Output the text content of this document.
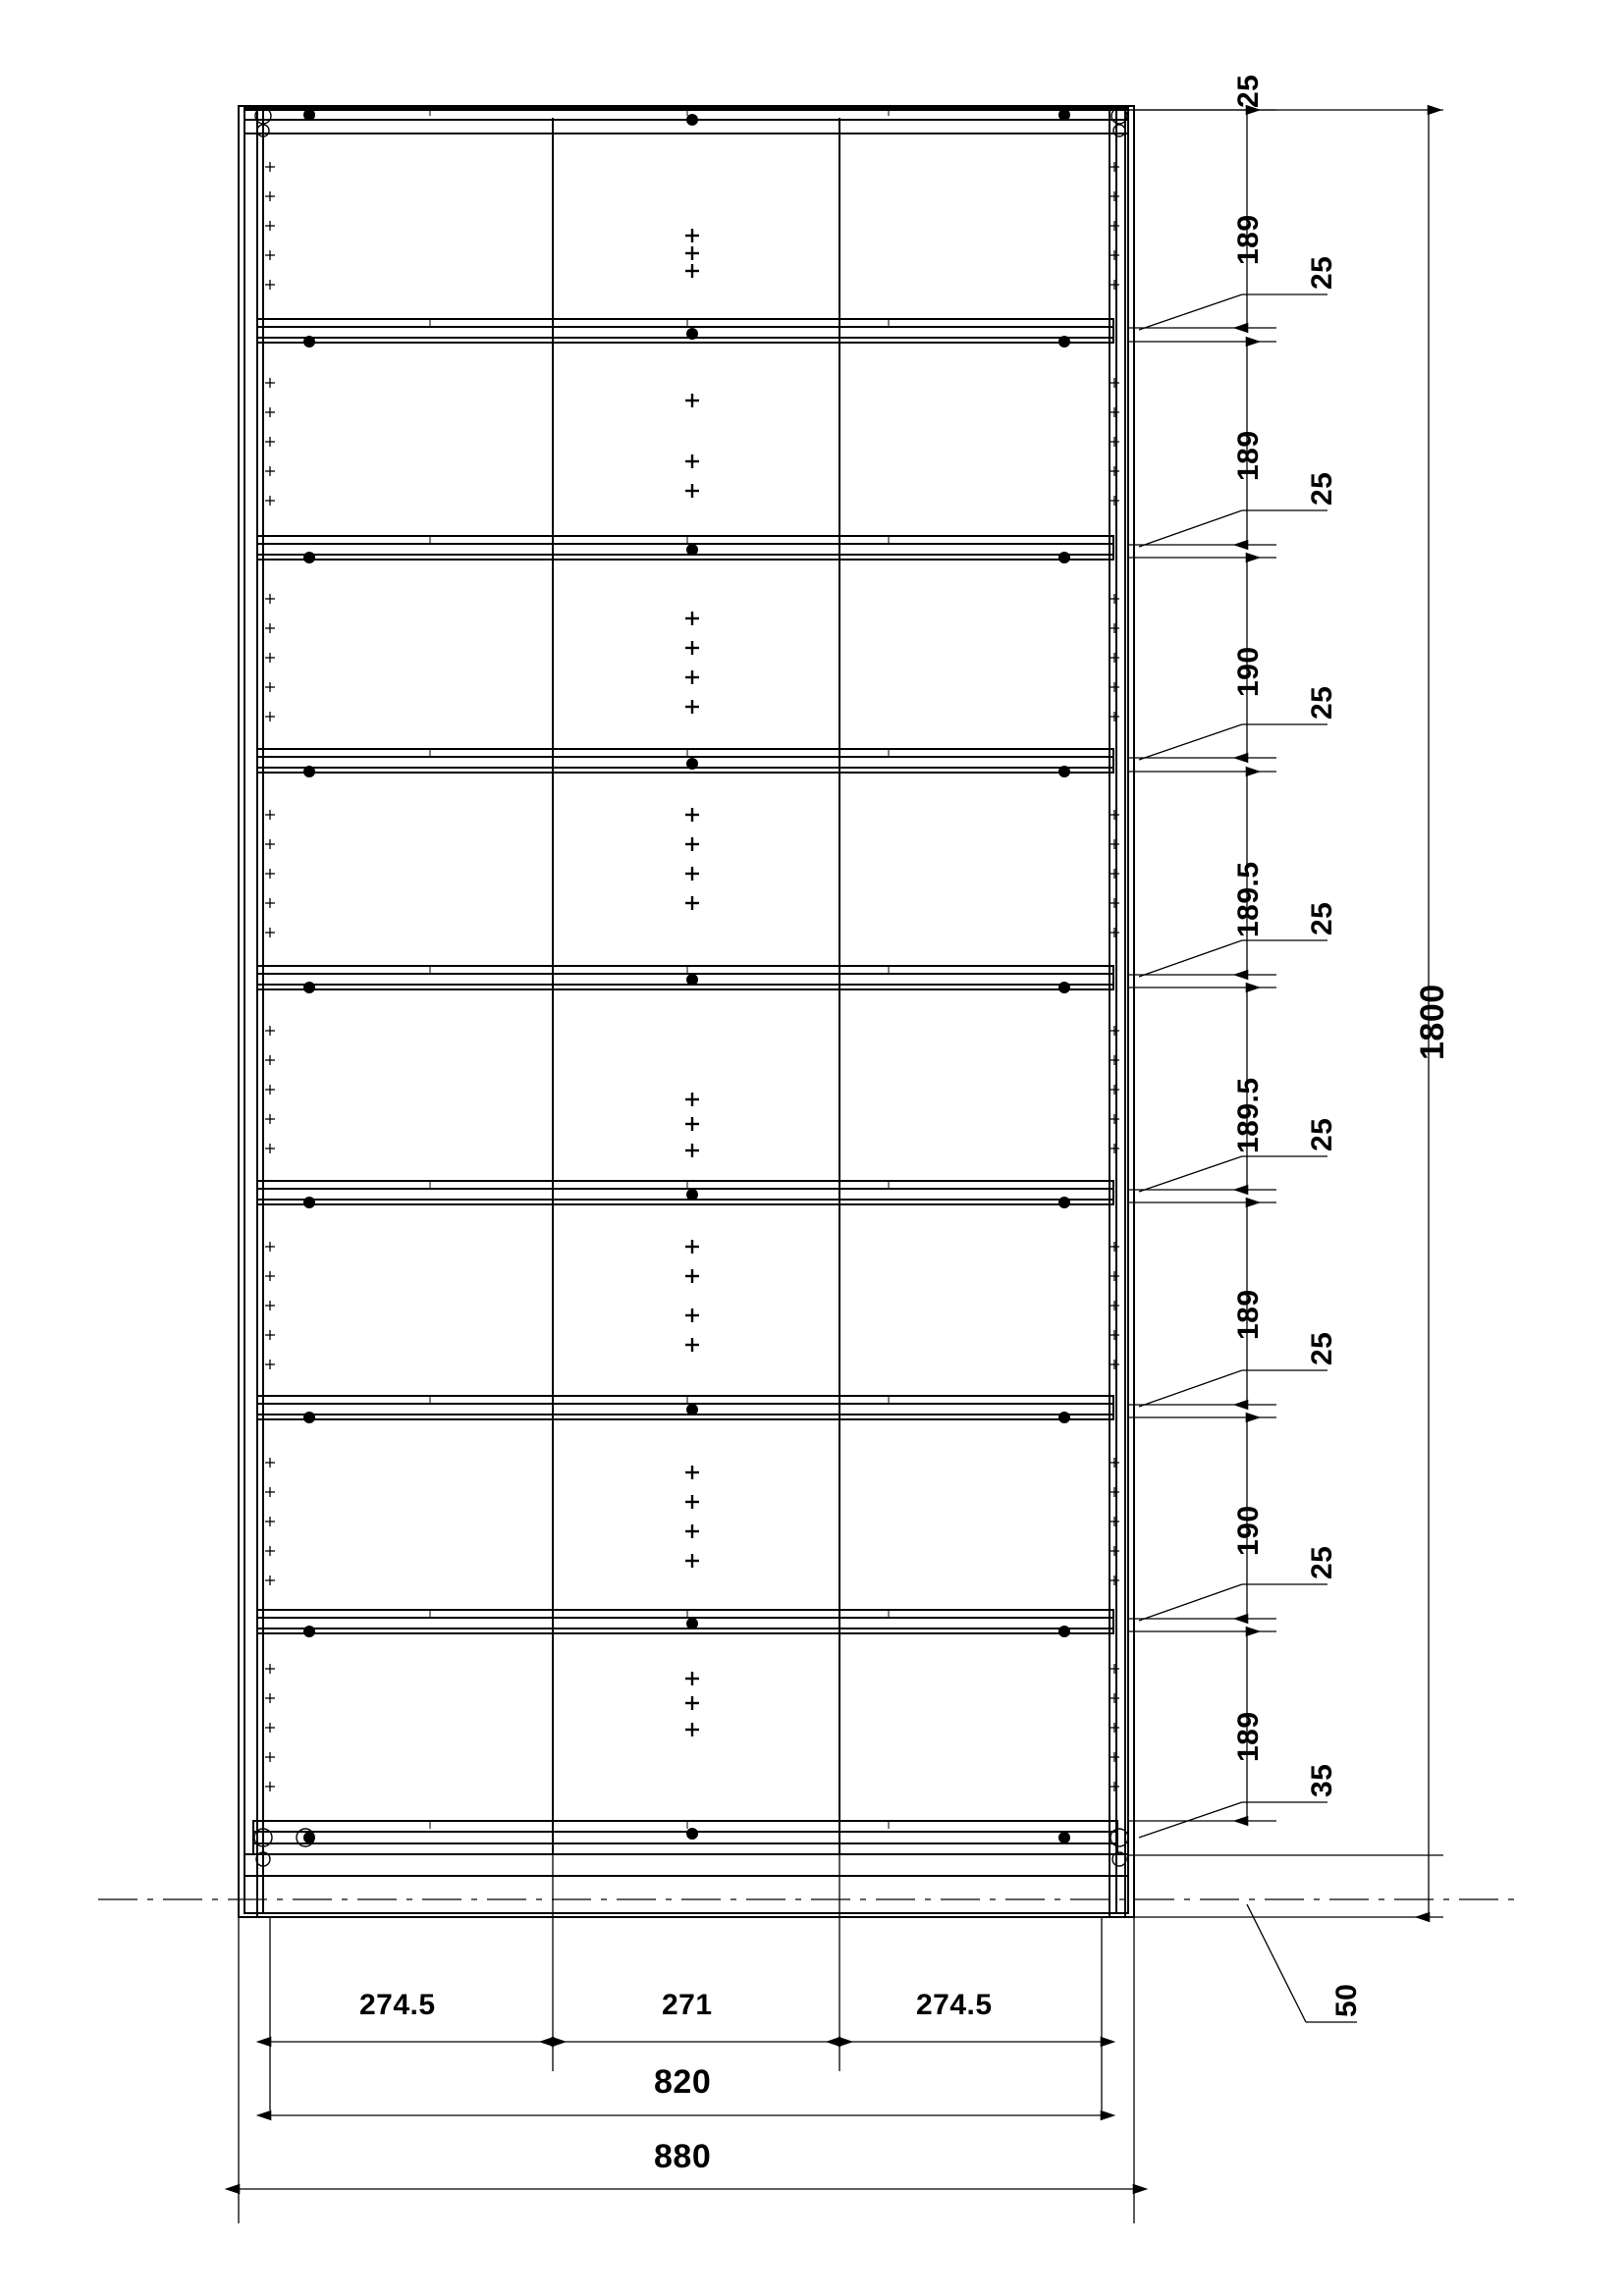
25
189
25
189
25
190
25
189.5 25
189.5 25
189
25
190
25
189
35
50
1800
274.5	271	274.5
820
880
